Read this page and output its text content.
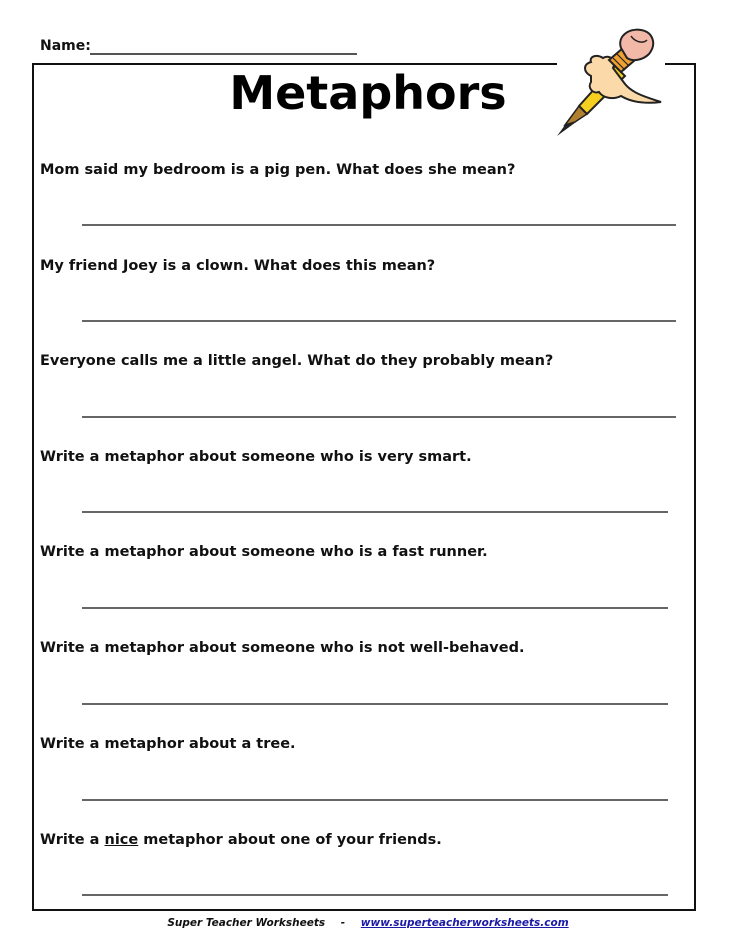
Name:
Metaphors
Mom said my bedroom is a pig pen. What does she mean?
My friend Joey is a clown. What does this mean?
Everyone calls me a little angel. What do they probably mean?
Write a metaphor about someone who is very smart.
Write a metaphor about someone who is a fast runner.
Write a metaphor about someone who is not well-behaved.
Write a metaphor about a tree.
Write a nice metaphor about one of your friends.
Super Teacher Worksheets - www.superteacherworksheets.com
